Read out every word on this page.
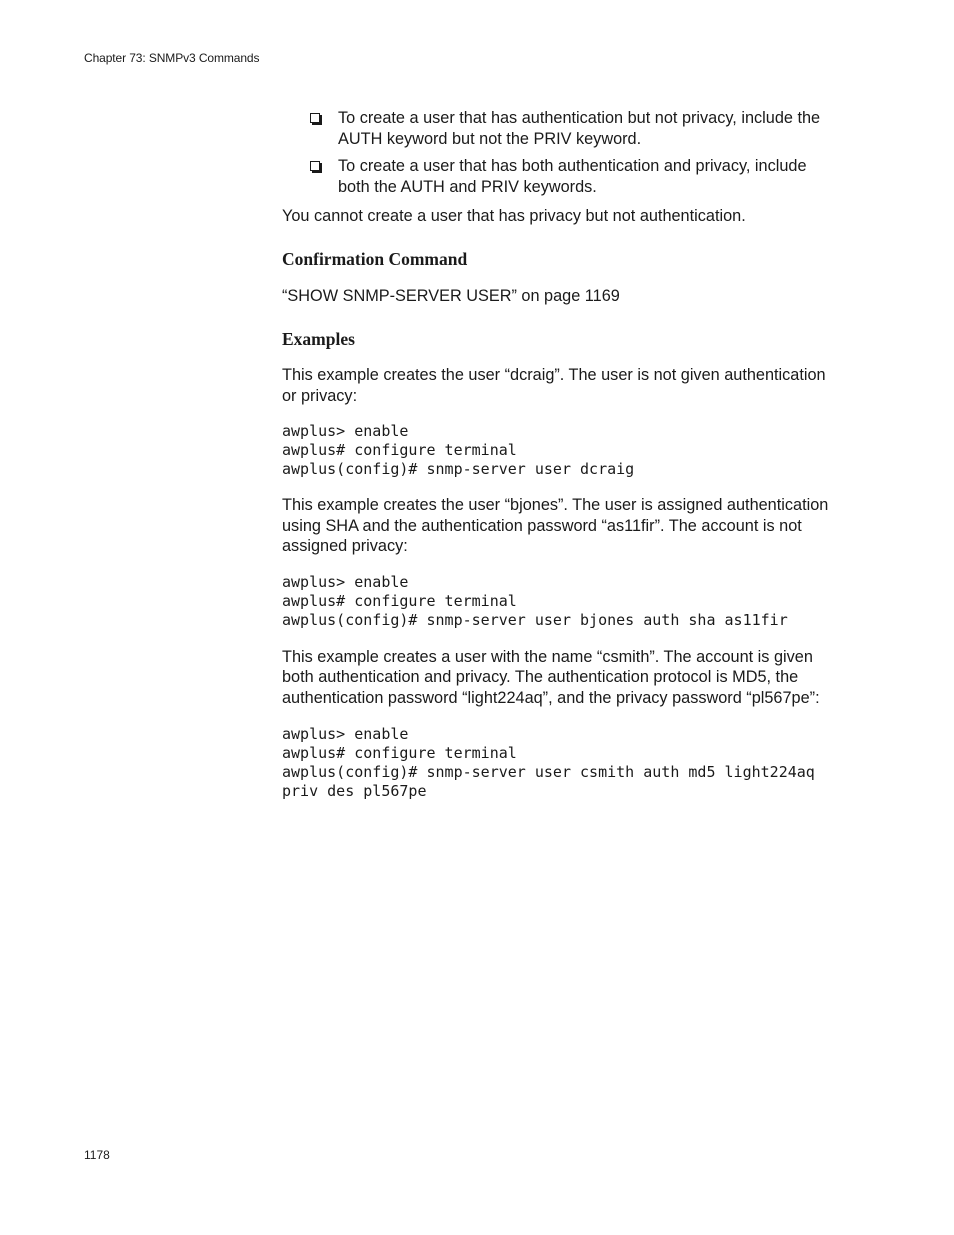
Chapter 73: SNMPv3 Commands
To create a user that has authentication but not privacy, include the AUTH keyword but not the PRIV keyword.
To create a user that has both authentication and privacy, include both the AUTH and PRIV keywords.

You cannot create a user that has privacy but not authentication.

Confirmation Command

“SHOW SNMP-SERVER USER” on page 1169

Examples

This example creates the user “dcraig”. The user is not given authentication or privacy:

awplus> enable
awplus# configure terminal
awplus(config)# snmp-server user dcraig

This example creates the user “bjones”. The user is assigned authentication using SHA and the authentication password “as11fir”. The account is not assigned privacy:

awplus> enable
awplus# configure terminal
awplus(config)# snmp-server user bjones auth sha as11fir

This example creates a user with the name “csmith”. The account is given both authentication and privacy. The authentication protocol is MD5, the authentication password “light224aq”, and the privacy password “pl567pe”:

awplus> enable
awplus# configure terminal
awplus(config)# snmp-server user csmith auth md5 light224aq
priv des pl567pe
1178
